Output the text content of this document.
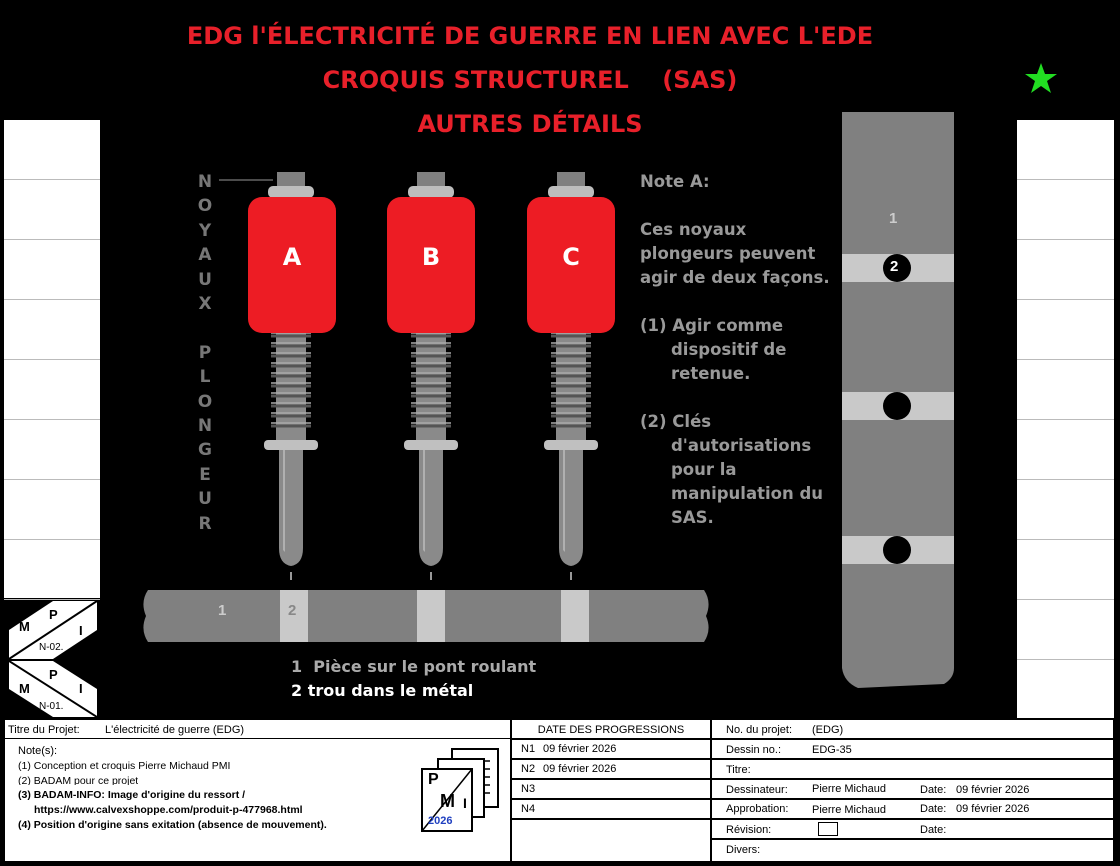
EDG l'ÉLECTRICITÉ DE GUERRE EN LIEN AVEC L'EDE
CROQUIS STRUCTUREL    (SAS)
AUTRES DÉTAILS
1
2
N
O
Y
A
U
X

P
L
O
N
G
E
U
R
A	B	C

Note A:

Ces noyaux plongeurs peuvent agir de deux façons.

(1) Agir comme dispositif de retenue.

(2) Clés d'autorisations pour la manipulation du SAS.

1	2
1  Pièce sur le pont roulant
2 trou dans le métal
M
P
I
N-02.
M
P
I
N-01.
Titre du Projet: L'électricité de guerre (EDG)
Note(s):
(1) Conception et croquis Pierre Michaud PMI
(2) BADAM pour ce projet
(3) BADAM-INFO: Image d'origine du ressort /
https://www.calvexshoppe.com/produit-p-477968.html
(4) Position d'origine sans exitation (absence de mouvement).
P
M I
2026
DATE DES PROGRESSIONS
N1 09 février 2026
N2 09 février 2026
N3
N4
No. du projet: (EDG)
Dessin no.:	EDG-35
Titre:
Dessinateur: Pierre Michaud	Date: 09 février 2026
Approbation: Pierre Michaud	Date: 09 février 2026
Révision:	Date:
Divers:
